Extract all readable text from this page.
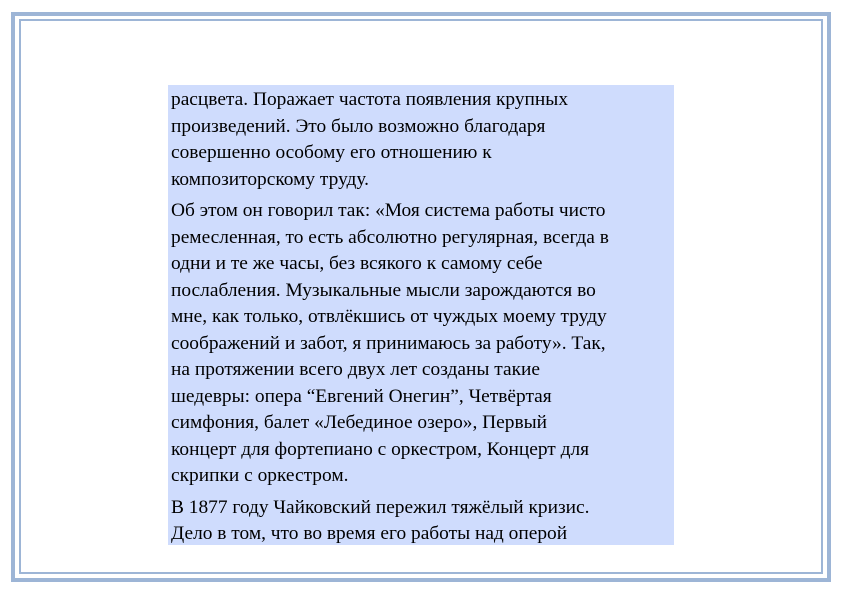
расцвета. Поражает частота появления крупных
произведений. Это было возможно благодаря
совершенно особому его отношению к
композиторскому труду.

Об этом он говорил так: «Моя система работы чисто
ремесленная, то есть абсолютно регулярная, всегда в
одни и те же часы, без всякого к самому себе
послабления. Музыкальные мысли зарождаются во
мне, как только, отвлёкшись от чуждых моему труду
соображений и забот, я принимаюсь за работу». Так,
на протяжении всего двух лет созданы такие
шедевры: опера “Евгений Онегин”, Четвёртая
симфония, балет «Лебединое озеро», Первый
концерт для фортепиано с оркестром, Концерт для
скрипки с оркестром.

В 1877 году Чайковский пережил тяжёлый кризис.
Дело в том, что во время его работы над оперой
